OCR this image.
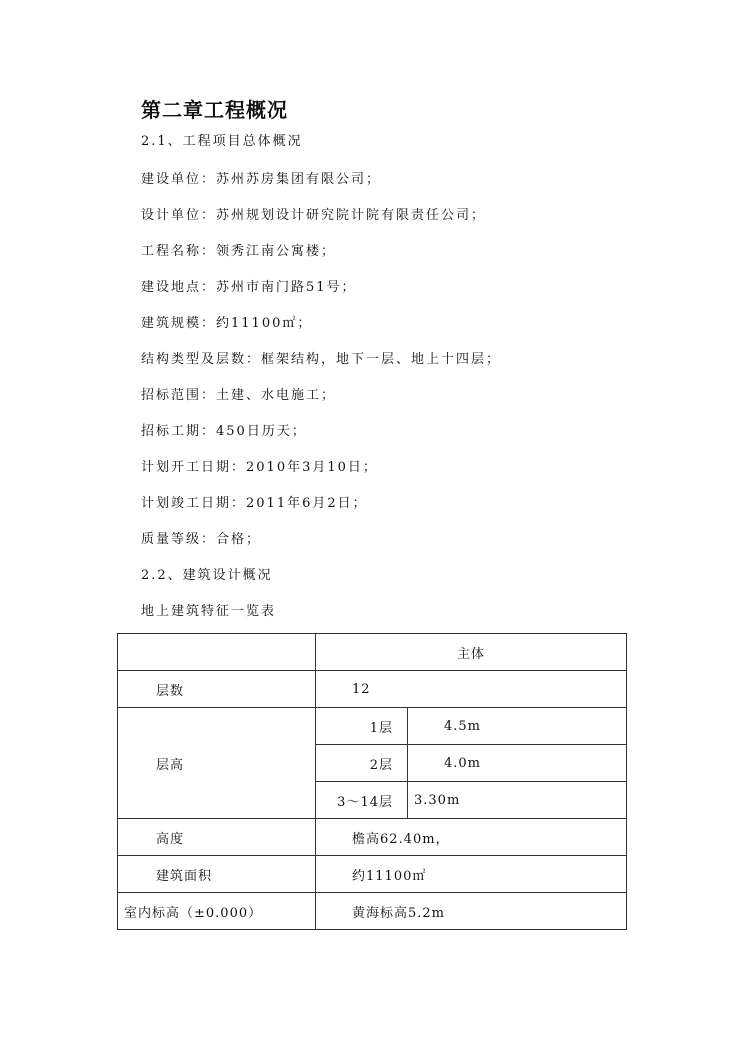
第二章工程概况
2.1、工程项目总体概况
建设单位：苏州苏房集团有限公司；
设计单位：苏州规划设计研究院计院有限责任公司；
工程名称：领秀江南公寓楼；
建设地点：苏州市南门路51号；
建筑规模：约11100㎡；
结构类型及层数：框架结构，地下一层、地上十四层；
招标范围：土建、水电施工；
招标工期：450日历天；
计划开工日期：2010年3月10日；
计划竣工日期：2011年6月2日；
质量等级：合格；
2.2、建筑设计概况
地上建筑特征一览表
	主体	
层数	12	
层高	1层	4.5m
	2层	4.0m
	3～14层	3.30m
高度	檐高62.40m，	
建筑面积	约11100㎡	
室内标高（±0.000）	黄海标高5.2m	
